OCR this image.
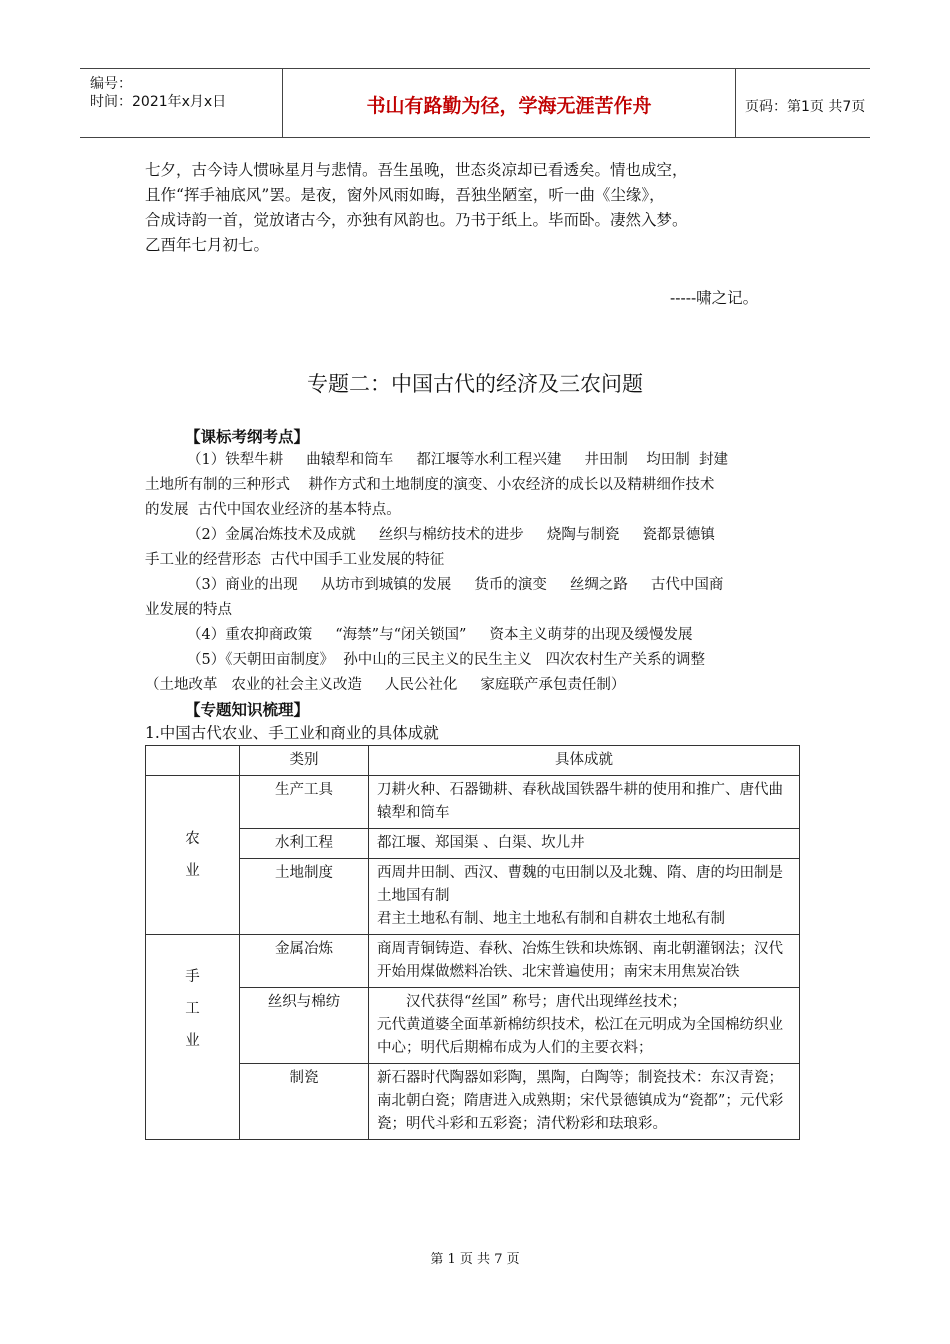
编号：
时间：2021年x月x日	书山有路勤为径，学海无涯苦作舟	页码：第1页 共7页
七夕，古今诗人惯咏星月与悲情。吾生虽晚，世态炎凉却已看透矣。情也成空，
且作“挥手袖底风”罢。是夜，窗外风雨如晦，吾独坐陋室，听一曲《尘缘》，
合成诗韵一首，觉放诸古今，亦独有风韵也。乃书于纸上。毕而卧。凄然入梦。
乙酉年七月初七。
-----啸之记。
专题二：中国古代的经济及三农问题
【课标考纲考点】
（1）铁犁牛耕     曲辕犁和筒车     都江堰等水利工程兴建     井田制    均田制  封建
土地所有制的三种形式    耕作方式和土地制度的演变、小农经济的成长以及精耕细作技术
的发展  古代中国农业经济的基本特点。
（2）金属冶炼技术及成就     丝织与棉纺技术的进步     烧陶与制瓷     瓷都景德镇
手工业的经营形态  古代中国手工业发展的特征
（3）商业的出现     从坊市到城镇的发展     货币的演变     丝绸之路     古代中国商
业发展的特点
（4）重农抑商政策     “海禁”与“闭关锁国”     资本主义萌芽的出现及缓慢发展
（5）《天朝田亩制度》  孙中山的三民主义的民生主义   四次农村生产关系的调整
（土地改革   农业的社会主义改造     人民公社化     家庭联产承包责任制）
【专题知识梳理】
1.中国古代农业、手工业和商业的具体成就
	类别	具体成就
农
业	生产工具	刀耕火种、石器锄耕、春秋战国铁器牛耕的使用和推广、唐代曲辕犁和筒车
	水利工程	都江堰、郑国渠 、白渠、坎儿井
	土地制度	西周井田制、西汉、曹魏的屯田制以及北魏、隋、唐的均田制是土地国有制
君主土地私有制、地主土地私有制和自耕农土地私有制
手
工
业	金属冶炼	商周青铜铸造、春秋、冶炼生铁和块炼钢、南北朝灌钢法；汉代开始用煤做燃料冶铁、北宋普遍使用；南宋末用焦炭冶铁
	丝织与棉纺	　　汉代获得“丝国” 称号；唐代出现缂丝技术；
元代黄道婆全面革新棉纺织技术，松江在元明成为全国棉纺织业中心；明代后期棉布成为人们的主要衣料；
	制瓷	新石器时代陶器如彩陶，黑陶，白陶等；制瓷技术：东汉青瓷；南北朝白瓷；隋唐进入成熟期；宋代景德镇成为“瓷都”；元代彩瓷；明代斗彩和五彩瓷；清代粉彩和珐琅彩。
第 1 页 共 7 页
